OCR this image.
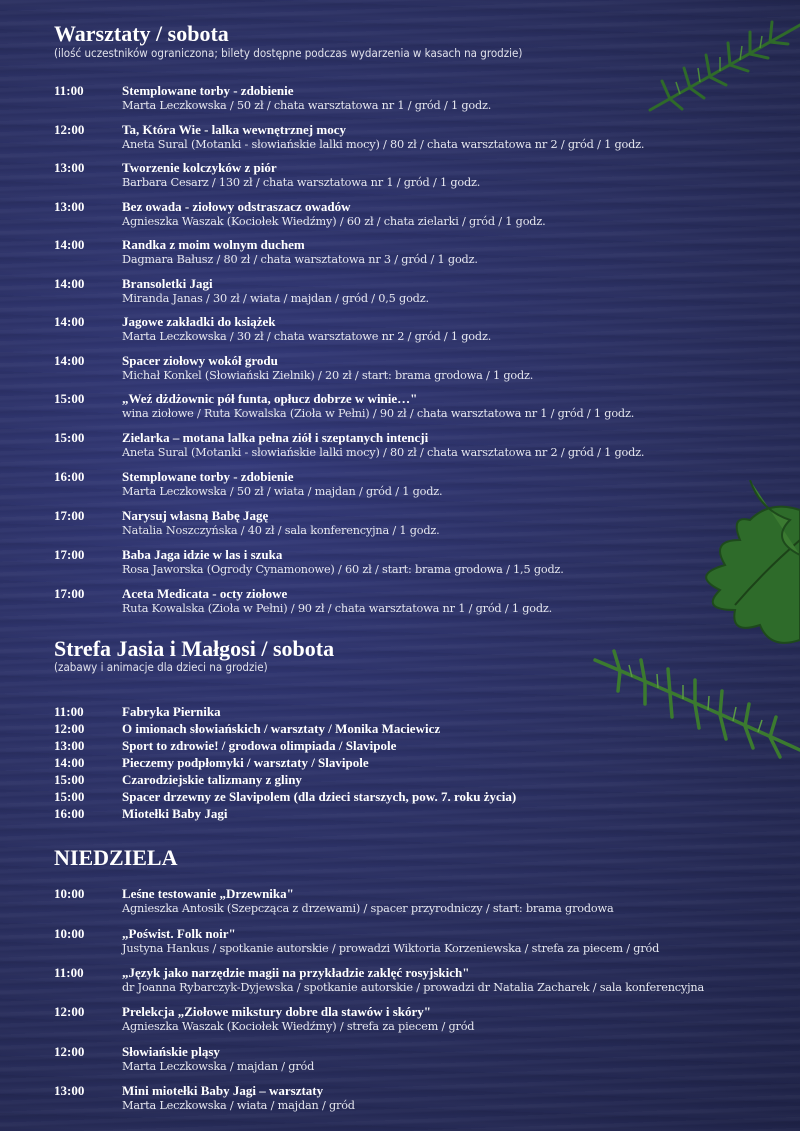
Warsztaty / sobota
(ilość uczestników ograniczona; bilety dostępne podczas wydarzenia w kasach na grodzie)
11:00	Stemplowane torby - zdobienie
Marta Leczkowska / 50 zł / chata warsztatowa nr 1 / gród / 1 godz.
12:00	Ta, Która Wie - lalka wewnętrznej mocy
Aneta Sural (Motanki - słowiańskie lalki mocy) / 80 zł / chata warsztatowa nr 2 / gród / 1 godz.
13:00	Tworzenie kolczyków z piór
Barbara Cesarz / 130 zł / chata warsztatowa nr 1 / gród / 1 godz.
13:00	Bez owada - ziołowy odstraszacz owadów
Agnieszka Waszak (Kociołek Wiedźmy) / 60 zł / chata zielarki / gród / 1 godz.
14:00	Randka z moim wolnym duchem
Dagmara Bałusz / 80 zł / chata warsztatowa nr 3 / gród / 1 godz.
14:00	Bransoletki Jagi
Miranda Janas / 30 zł / wiata / majdan / gród / 0,5 godz.
14:00	Jagowe zakładki do książek
Marta Leczkowska / 30 zł / chata warsztatowe nr 2 / gród / 1 godz.
14:00	Spacer ziołowy wokół grodu
Michał Konkel (Słowiański Zielnik) / 20 zł / start: brama grodowa / 1 godz.
15:00	„Weź dżdżownic pół funta, opłucz dobrze w winie…"
wina ziołowe / Ruta Kowalska (Zioła w Pełni) / 90 zł / chata warsztatowa nr 1 / gród / 1 godz.
15:00	Zielarka – motana lalka pełna ziół i szeptanych intencji
Aneta Sural (Motanki - słowiańskie lalki mocy) / 80 zł / chata warsztatowa nr 2 / gród / 1 godz.
16:00	Stemplowane torby - zdobienie
Marta Leczkowska / 50 zł / wiata / majdan / gród / 1 godz.
17:00	Narysuj własną Babę Jagę
Natalia Noszczyńska / 40 zł / sala konferencyjna / 1 godz.
17:00	Baba Jaga idzie w las i szuka
Rosa Jaworska (Ogrody Cynamonowe) / 60 zł / start: brama grodowa / 1,5 godz.
17:00	Aceta Medicata - octy ziołowe
Ruta Kowalska (Zioła w Pełni) / 90 zł / chata warsztatowa nr 1 / gród / 1 godz.
Strefa Jasia i Małgosi / sobota
(zabawy i animacje dla dzieci na grodzie)
11:00	Fabryka Piernika
12:00	O imionach słowiańskich / warsztaty / Monika Maciewicz
13:00	Sport to zdrowie! / grodowa olimpiada / Slavipole
14:00	Pieczemy podpłomyki / warsztaty / Slavipole
15:00	Czarodziejskie talizmany z gliny
15:00	Spacer drzewny ze Slavipolem (dla dzieci starszych, pow. 7. roku życia)
16:00	Miotełki Baby Jagi
NIEDZIELA
10:00	Leśne testowanie „Drzewnika"
Agnieszka Antosik (Szepcząca z drzewami) / spacer przyrodniczy / start: brama grodowa
10:00	„Poświst. Folk noir"
Justyna Hankus / spotkanie autorskie / prowadzi Wiktoria Korzeniewska / strefa za piecem / gród
11:00	„Język jako narzędzie magii na przykładzie zaklęć rosyjskich"
dr Joanna Rybarczyk-Dyjewska / spotkanie autorskie / prowadzi dr Natalia Zacharek / sala konferencyjna
12:00	Prelekcja „Ziołowe mikstury dobre dla stawów i skóry"
Agnieszka Waszak (Kociołek Wiedźmy) / strefa za piecem / gród
12:00	Słowiańskie pląsy
Marta Leczkowska / majdan / gród
13:00	Mini miotełki Baby Jagi – warsztaty
Marta Leczkowska / wiata / majdan / gród
